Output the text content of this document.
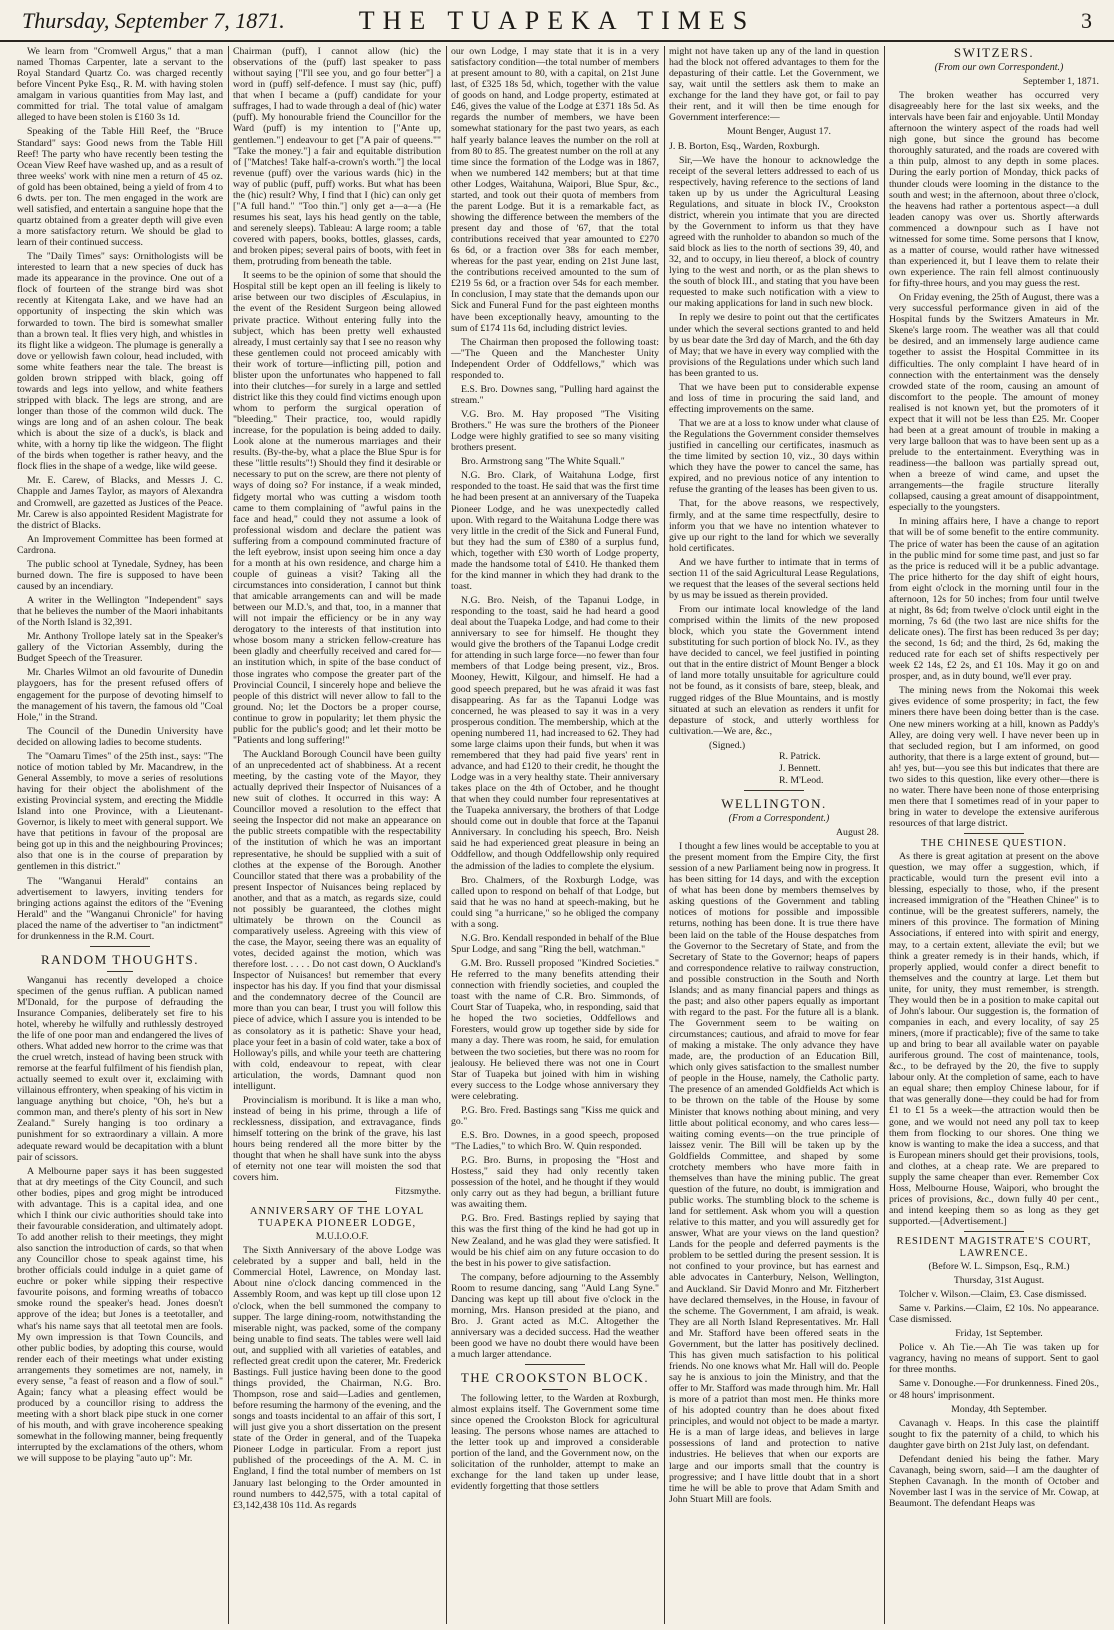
Thursday, September 7, 1871.	THE TUAPEKA TIMES	3

We learn from "Cromwell Argus," that a man named Thomas Carpenter, late a servant to the Royal Standard Quartz Co. was charged recently before Vincent Pyke Esq., R. M. with having stolen amalgam in various quantities from May last, and committed for trial. The total value of amalgam alleged to have been stolen is £160 3s 1d.

Speaking of the Table Hill Reef, the "Bruce Standard" says: Good news from the Table Hill Reef! The party who have recently been testing the Ocean View Reef have washed up, and as a result of three weeks' work with nine men a return of 45 oz. of gold has been obtained, being a yield of from 4 to 6 dwts. per ton. The men engaged in the work are well satisfied, and entertain a sanguine hope that the quartz obtained from a greater depth will give even a more satisfactory return. We should be glad to learn of their continued success.

The "Daily Times" says: Ornithologists will be interested to learn that a new species of duck has made its appearance in the province. One out of a flock of fourteen of the strange bird was shot recently at Kitengata Lake, and we have had an opportunity of inspecting the skin which was forwarded to town. The bird is somewhat smaller than a brown teal. It flies very high, and whistles in its flight like a widgeon. The plumage is generally a dove or yellowish fawn colour, head included, with some white feathers near the tale. The breast is golden brown stripped with black, going off towards and legs into yellow, and white feathers stripped with black. The legs are strong, and are longer than those of the common wild duck. The wings are long and of an ashen colour. The beak which is about the size of a duck's, is black and white, with a horny tip like the widgeon. The flight of the birds when together is rather heavy, and the flock flies in the shape of a wedge, like wild geese.

Mr. E. Carew, of Blacks, and Messrs J. C. Chapple and James Taylor, as mayors of Alexandra and Cromwell, are gazetted as Justices of the Peace. Mr. Carew is also appointed Resident Magistrate for the district of Blacks.

An Improvement Committee has been formed at Cardrona.

The public school at Tynedale, Sydney, has been burned down. The fire is supposed to have been caused by an incendiary.

A writer in the Wellington "Independent" says that he believes the number of the Maori inhabitants of the North Island is 32,391.

Mr. Anthony Trollope lately sat in the Speaker's gallery of the Victorian Assembly, during the Budget Speech of the Treasurer.

Mr. Charles Wilmot an old favourite of Dunedin playgoers, has for the present refused offers of engagement for the purpose of devoting himself to the management of his tavern, the famous old "Coal Hole," in the Strand.

The Council of the Dunedin University have decided on allowing ladies to become students.

The "Oamaru Times" of the 25th inst., says: "The notice of motion tabled by Mr. Macandrew, in the General Assembly, to move a series of resolutions having for their object the abolishment of the existing Provincial system, and erecting the Middle Island into one Province, with a Lieutenant-Governor, is likely to meet with general support. We have that petitions in favour of the proposal are being got up in this and the neighbouring Provinces; also that one is in the course of preparation by gentlemen in this district."

The "Wanganui Herald" contains an advertisement to lawyers, inviting tenders for bringing actions against the editors of the "Evening Herald" and the "Wanganui Chronicle" for having placed the name of the advertiser to "an indictment" for drunkenness in the R.M. Court.

RANDOM THOUGHTS.

Wanganui has recently developed a choice specimen of the genus ruffian. A publican named M'Donald, for the purpose of defrauding the Insurance Companies, deliberately set fire to his hotel, whereby he wilfully and ruthlessly destroyed the life of one poor man and endangered the lives of others. What added new horror to the crime was that the cruel wretch, instead of having been struck with remorse at the fearful fulfilment of his fiendish plan, actually seemed to exult over it, exclaiming with villainous effrontery, when speaking of his victim in language anything but choice, "Oh, he's but a common man, and there's plenty of his sort in New Zealand." Surely hanging is too ordinary a punishment for so extraordinary a villain. A more adequate reward would be decapitation with a blunt pair of scissors.

A Melbourne paper says it has been suggested that at dry meetings of the City Council, and such other bodies, pipes and grog might be introduced with advantage. This is a capital idea, and one which I think our civic authorities should take into their favourable consideration, and ultimately adopt. To add another relish to their meetings, they might also sanction the introduction of cards, so that when any Councillor chose to speak against time, his brother officials could indulge in a quiet game of euchre or poker while sipping their respective favourite poisons, and forming wreaths of tobacco smoke round the speaker's head. Jones doesn't approve of the idea; but Jones is a teetotaller, and what's his name says that all teetotal men are fools. My own impression is that Town Councils, and other public bodies, by adopting this course, would render each of their meetings what under existing arrangements they sometimes are not, namely, in every sense, "a feast of reason and a flow of soul." Again; fancy what a pleasing effect would be produced by a councillor rising to address the meeting with a short black pipe stuck in one corner of his mouth, and with grave incoherence speaking somewhat in the following manner, being frequently interrupted by the exclamations of the others, whom we will suppose to be playing "auto up": Mr.

Chairman (puff), I cannot allow (hic) the observations of the (puff) last speaker to pass without saying ["I'll see you, and go four better"] a word in (puff) self-defence. I must say (hic, puff) that when I became a (puff) candidate for your suffrages, I had to wade through a deal of (hic) water (puff). My honourable friend the Councillor for the Ward (puff) is my intention to ["Ante up, gentlemen."] endeavour to get ["A pair of queens."" "Take the money."] a fair and equitable distribution of ["Matches! Take half-a-crown's worth."] the local revenue (puff) over the various wards (hic) in the way of public (puff, puff) works. But what has been the (hic) result? Why, I find that I (hic) can only get ["A full hand." "Too thin."] only get a—a—a (He resumes his seat, lays his head gently on the table, and serenely sleeps). Tableau: A large room; a table covered with papers, books, bottles, glasses, cards, and broken pipes; several pairs of boots, with feet in them, protruding from beneath the table.

It seems to be the opinion of some that should the Hospital still be kept open an ill feeling is likely to arise between our two disciples of Æsculapius, in the event of the Resident Surgeon being allowed private practice. Without entering fully into the subject, which has been pretty well exhausted already, I must certainly say that I see no reason why these gentlemen could not proceed amicably with their work of torture—inflicting pill, potion and blister upon the unfortunates who happened to fall into their clutches—for surely in a large and settled district like this they could find victims enough upon whom to perform the surgical operation of "bleeding." Their practice, too, would rapidly increase, for the population is being added to daily. Look alone at the numerous marriages and their results. (By-the-by, what a place the Blue Spur is for these "little results"!) Should they find it desirable or necessary to put on the screw, are there not plenty of ways of doing so? For instance, if a weak minded, fidgety mortal who was cutting a wisdom tooth came to them complaining of "awful pains in the face and head," could they not assume a look of professional wisdom and declare the patient was suffering from a compound comminuted fracture of the left eyebrow, insist upon seeing him once a day for a month at his own residence, and charge him a couple of guineas a visit? Taking all the circumstances into consideration, I cannot but think that amicable arrangements can and will be made between our M.D.'s, and that, too, in a manner that will not impair the efficiency or be in any way derogatory to the interests of that institution into whose bosom many a stricken fellow-creature has been gladly and cheerfully received and cared for—an institution which, in spite of the base conduct of those ingrates who compose the greater part of the Provincial Council, I sincerely hope and believe the people of this district will never allow to fall to the ground. No; let the Doctors be a proper course, continue to grow in popularity; let them physic the public for the public's good; and let their motto be "Patients and long suffering!"

The Auckland Borough Council have been guilty of an unprecedented act of shabbiness. At a recent meeting, by the casting vote of the Mayor, they actually deprived their Inspector of Nuisances of a new suit of clothes. It occurred in this way: A Councillor moved a resolution to the effect that seeing the Inspector did not make an appearance on the public streets compatible with the respectability of the institution of which he was an important representative, he should be supplied with a suit of clothes at the expense of the Borough. Another Councillor stated that there was a probability of the present Inspector of Nuisances being replaced by another, and that as a match, as regards size, could not possibly be guaranteed, the clothes might ultimately be thrown on the Council as comparatively useless. Agreeing with this view of the case, the Mayor, seeing there was an equality of votes, decided against the motion, which was therefore lost. . . . . Do not cast down, O Auckland's Inspector of Nuisances! but remember that every inspector has his day. If you find that your dismissal and the condemnatory decree of the Council are more than you can bear, I trust you will follow this piece of advice, which I assure you is intended to be as consolatory as it is pathetic: Shave your head, place your feet in a basin of cold water, take a box of Holloway's pills, and while your teeth are chattering with cold, endeavour to repeat, with clear articulation, the words, Damnant quod non intelligunt.

Provincialism is moribund. It is like a man who, instead of being in his prime, through a life of recklessness, dissipation, and extravagance, finds himself tottering on the brink of the grave, his last hours being rendered all the more bitter by the thought that when he shall have sunk into the abyss of eternity not one tear will moisten the sod that covers him.

Fitzsmythe.

ANNIVERSARY OF THE LOYAL TUAPEKA PIONEER LODGE,

M.U.I.O.O.F.

The Sixth Anniversary of the above Lodge was celebrated by a supper and ball, held in the Commercial Hotel, Lawrence, on Monday last. About nine o'clock dancing commenced in the Assembly Room, and was kept up till close upon 12 o'clock, when the bell summoned the company to supper. The large dining-room, notwithstanding the miserable night, was packed, some of the company being unable to find seats. The tables were well laid out, and supplied with all varieties of eatables, and reflected great credit upon the caterer, Mr. Frederick Bastings. Full justice having been done to the good things provided, the Chairman, N.G. Bro. Thompson, rose and said—Ladies and gentlemen, before resuming the harmony of the evening, and the songs and toasts incidental to an affair of this sort, I will just give you a short dissertation on the present state of the Order in general, and of the Tuapeka Pioneer Lodge in particular. From a report just published of the proceedings of the A. M. C. in England, I find the total number of members on 1st January last belonging to the Order amounted in round numbers to 442,575, with a total capital of £3,142,438 10s 11d. As regards

our own Lodge, I may state that it is in a very satisfactory condition—the total number of members at present amount to 80, with a capital, on 21st June last, of £325 18s 5d, which, together with the value of goods on hand, and Lodge property, estimated at £46, gives the value of the Lodge at £371 18s 5d. As regards the number of members, we have been somewhat stationary for the past two years, as each half yearly balance leaves the number on the roll at from 80 to 85. The greatest number on the roll at any time since the formation of the Lodge was in 1867, when we numbered 142 members; but at that time other Lodges, Waitahuna, Waipori, Blue Spur, &c., started, and took out their quota of members from the parent Lodge. But it is a remarkable fact, as showing the difference between the members of the present day and those of '67, that the total contributions received that year amounted to £270 6s 6d, or a fraction over 38s for each member, whereas for the past year, ending on 21st June last, the contributions received amounted to the sum of £219 5s 6d, or a fraction over 54s for each member. In conclusion, I may state that the demands upon our Sick and Funeral Fund for the past eighteen months have been exceptionally heavy, amounting to the sum of £174 11s 6d, including district levies.

The Chairman then proposed the following toast:—"The Queen and the Manchester Unity Independent Order of Oddfellows," which was responded to.

E.S. Bro. Downes sang, "Pulling hard against the stream."

V.G. Bro. M. Hay proposed "The Visiting Brothers." He was sure the brothers of the Pioneer Lodge were highly gratified to see so many visiting brothers present.

Bro. Armstrong sang "The White Squall."

N.G. Bro. Clark, of Waitahuna Lodge, first responded to the toast. He said that was the first time he had been present at an anniversary of the Tuapeka Pioneer Lodge, and he was unexpectedly called upon. With regard to the Waitahuna Lodge there was very little in the credit of the Sick and Funeral Fund, but they had the sum of £380 of a surplus fund, which, together with £30 worth of Lodge property, made the handsome total of £410. He thanked them for the kind manner in which they had drank to the toast.

N.G. Bro. Neish, of the Tapanui Lodge, in responding to the toast, said he had heard a good deal about the Tuapeka Lodge, and had come to their anniversary to see for himself. He thought they would give the brothers of the Tapanui Lodge credit for attending in such large force—no fewer than four members of that Lodge being present, viz., Bros. Mooney, Hewitt, Kilgour, and himself. He had a good speech prepared, but he was afraid it was fast disappearing. As far as the Tapanui Lodge was concerned, he was pleased to say it was in a very prosperous condition. The membership, which at the opening numbered 11, had increased to 62. They had some large claims upon their funds, but when it was remembered that they had paid five years' rent in advance, and had £120 to their credit, he thought the Lodge was in a very healthy state. Their anniversary takes place on the 4th of October, and he thought that when they could number four representatives at the Tuapeka anniversary, the brothers of that Lodge should come out in double that force at the Tapanui Anniversary. In concluding his speech, Bro. Neish said he had experienced great pleasure in being an Oddfellow, and though Oddfellowship only required the admission of the ladies to complete the elysium.

Bro. Chalmers, of the Roxburgh Lodge, was called upon to respond on behalf of that Lodge, but said that he was no hand at speech-making, but he could sing "a hurricane," so he obliged the company with a song.

N.G. Bro. Kendall responded in behalf of the Blue Spur Lodge, and sang "Ring the bell, watchman."

G.M. Bro. Russell proposed "Kindred Societies." He referred to the many benefits attending their connection with friendly societies, and coupled the toast with the name of C.R. Bro. Simmonds, of Court Star of Tuapeka, who, in responding, said that he hoped the two societies, Oddfellows and Foresters, would grow up together side by side for many a day. There was room, he said, for emulation between the two societies, but there was no room for jealousy. He believed there was not one in Court Star of Tuapeka but joined with him in wishing every success to the Lodge whose anniversary they were celebrating.

P.G. Bro. Fred. Bastings sang "Kiss me quick and go."

E.S. Bro. Downes, in a good speech, proposed "The Ladies," to which Bro. W. Quin responded.

P.G. Bro. Burns, in proposing the "Host and Hostess," said they had only recently taken possession of the hotel, and he thought if they would only carry out as they had begun, a brilliant future was awaiting them.

P.G. Bro. Fred. Bastings replied by saying that this was the first thing of the kind he had got up in New Zealand, and he was glad they were satisfied. It would be his chief aim on any future occasion to do the best in his power to give satisfaction.

The company, before adjourning to the Assembly Room to resume dancing, sang "Auld Lang Syne." Dancing was kept up till about five o'clock in the morning, Mrs. Hanson presided at the piano, and Bro. J. Grant acted as M.C. Altogether the anniversary was a decided success. Had the weather been good we have no doubt there would have been a much larger attendance.

THE CROOKSTON BLOCK.

The following letter, to the Warden at Roxburgh, almost explains itself. The Government some time since opened the Crookston Block for agricultural leasing. The persons whose names are attached to the letter took up and improved a considerable portion of the land, and the Government now, on the solicitation of the runholder, attempt to make an exchange for the land taken up under lease, evidently forgetting that those settlers

might not have taken up any of the land in question had the block not offered advantages to them for the depasturing of their cattle. Let the Government, we say, wait until the settlers ask them to make an exchange for the land they have got, or fail to pay their rent, and it will then be time enough for Government interference:—

Mount Benger, August 17.

J. B. Borton, Esq., Warden, Roxburgh.

Sir,—We have the honour to acknowledge the receipt of the several letters addressed to each of us respectively, having reference to the sections of land taken up by us under the Agricultural Leasing Regulations, and situate in block IV., Crookston district, wherein you intimate that you are directed by the Government to inform us that they have agreed with the runholder to abandon so much of the said block as lies to the north of sections 39, 40, and 32, and to occupy, in lieu thereof, a block of country lying to the west and north, or as the plan shews to the south of block III., and stating that you have been requested to make such notification with a view to our making applications for land in such new block.

In reply we desire to point out that the certificates under which the several sections granted to and held by us bear date the 3rd day of March, and the 6th day of May; that we have in every way complied with the provisions of the Regulations under which such land has been granted to us.

That we have been put to considerable expense and loss of time in procuring the said land, and effecting improvements on the same.

That we are at a loss to know under what clause of the Regulations the Government consider themselves justified in cancelling our certificates, inasmuch as the time limited by section 10, viz., 30 days within which they have the power to cancel the same, has expired, and no previous notice of any intention to refuse the granting of the leases has been given to us.

That, for the above reasons, we respectively, firmly, and at the same time respectfully, desire to inform you that we have no intention whatever to give up our right to the land for which we severally hold certificates.

And we have further to intimate that in terms of section 11 of the said Agricultural Lease Regulations, we request that the leases of the several sections held by us may be issued as therein provided.

From our intimate local knowledge of the land comprised within the limits of the new proposed block, which you state the Government intend substituting for such portion of block No. IV., as they have decided to cancel, we feel justified in pointing out that in the entire district of Mount Benger a block of land more totally unsuitable for agriculture could not be found, as it consists of bare, steep, bleak, and rugged ridges of the Blue Mountains, and is mostly situated at such an elevation as renders it unfit for depasture of stock, and utterly worthless for cultivation.—We are, &c.,

(Signed.)

R. Patrick.

J. Bennett.

R. M'Leod.

WELLINGTON.

(From a Correspondent.)

August 28.

I thought a few lines would be acceptable to you at the present moment from the Empire City, the first session of a new Parliament being now in progress. It has been sitting for 14 days, and with the exception of what has been done by members themselves by asking questions of the Government and tabling notices of motions for possible and impossible returns, nothing has been done. It is true there have been laid on the table of the House despatches from the Governor to the Secretary of State, and from the Secretary of State to the Governor; heaps of papers and correspondence relative to railway construction, and possible construction in the South and North Islands; and as many financial papers and things as the past; and also other papers equally as important with regard to the past. For the future all is a blank. The Government seem to be waiting on circumstances; cautious, and afraid to move for fear of making a mistake. The only advance they have made, are, the production of an Education Bill, which only gives satisfaction to the smallest number of people in the House, namely, the Catholic party. The presence of an amended Goldfields Act which is to be thrown on the table of the House by some Minister that knows nothing about mining, and very little about political economy, and who cares less—waiting coming events—on the true principle of laissez venir. The Bill will be taken up by the Goldfields Committee, and shaped by some crotchety members who have more faith in themselves than have the mining public. The great question of the future, no doubt, is immigration and public works. The stumbling block to the scheme is land for settlement. Ask whom you will a question relative to this matter, and you will assuredly get for answer, What are your views on the land question? Lands for the people and deferred payments is the problem to be settled during the present session. It is not confined to your province, but has earnest and able advocates in Canterbury, Nelson, Wellington, and Auckland. Sir David Monro and Mr. Fitzherbert have declared themselves, in the House, in favour of the scheme. The Government, I am afraid, is weak. They are all North Island Representatives. Mr. Hall and Mr. Stafford have been offered seats in the Government, but the latter has positively declined. This has given much satisfaction to his political friends. No one knows what Mr. Hall will do. People say he is anxious to join the Ministry, and that the offer to Mr. Stafford was made through him. Mr. Hall is more of a patriot than most men. He thinks more of his adopted country than he does about fixed principles, and would not object to be made a martyr. He is a man of large ideas, and believes in large possessions of land and protection to native industries. He believes that when our exports are large and our imports small that the country is progressive; and I have little doubt that in a short time he will be able to prove that Adam Smith and John Stuart Mill are fools.

SWITZERS.

(From our own Correspondent.)

September 1, 1871.

The broken weather has occurred very disagreeably here for the last six weeks, and the intervals have been fair and enjoyable. Until Monday afternoon the wintery aspect of the roads had well nigh gone, but since the ground has become thoroughly saturated, and the roads are covered with a thin pulp, almost to any depth in some places. During the early portion of Monday, thick packs of thunder clouds were looming in the distance to the south and west; in the afternoon, about three o'clock, the heavens had rather a portentous aspect—a dull leaden canopy was over us. Shortly afterwards commenced a downpour such as I have not witnessed for some time. Some persons that I know, as a matter of course, would rather have witnessed than experienced it, but I leave them to relate their own experience. The rain fell almost continuously for fifty-three hours, and you may guess the rest.

On Friday evening, the 25th of August, there was a very successful performance given in aid of the Hospital funds by the Switzers Amateurs in Mr. Skene's large room. The weather was all that could be desired, and an immensely large audience came together to assist the Hospital Committee in its difficulties. The only complaint I have heard of in connection with the entertainment was the densely crowded state of the room, causing an amount of discomfort to the people. The amount of money realised is not known yet, but the promoters of it expect that it will not be less than £25. Mr. Cooper had been at a great amount of trouble in making a very large balloon that was to have been sent up as a prelude to the entertainment. Everything was in readiness—the balloon was partially spread out, when a breeze of wind came, and upset the arrangements—the fragile structure literally collapsed, causing a great amount of disappointment, especially to the youngsters.

In mining affairs here, I have a change to report that will be of some benefit to the entire community. The price of water has been the cause of an agitation in the public mind for some time past, and just so far as the price is reduced will it be a public advantage. The price hitherto for the day shift of eight hours, from eight o'clock in the morning until four in the afternoon, 12s for 50 inches; from four until twelve at night, 8s 6d; from twelve o'clock until eight in the morning, 7s 6d (the two last are nice shifts for the delicate ones). The first has been reduced 3s per day; the second, 1s 6d; and the third, 2s 6d, making the reduced rate for each set of shifts respectively per week £2 14s, £2 2s, and £1 10s. May it go on and prosper, and, as in duty bound, we'll ever pray.

The mining news from the Nokomai this week gives evidence of some prosperity; in fact, the few miners there have been doing better than is the case. One new miners working at a hill, known as Paddy's Alley, are doing very well. I have never been up in that secluded region, but I am informed, on good authority, that there is a large extent of ground, but—ah! yes, but—you see this but indicates that there are two sides to this question, like every other—there is no water. There have been none of those enterprising men there that I sometimes read of in your paper to bring in water to develope the extensive auriferous resources of that large district.

THE CHINESE QUESTION.

As there is great agitation at present on the above question, we may offer a suggestion, which, if practicable, would turn the present evil into a blessing, especially to those, who, if the present increased immigration of the "Heathen Chinee" is to continue, will be the greatest sufferers, namely, the miners of this province. The formation of Mining Associations, if entered into with spirit and energy, may, to a certain extent, alleviate the evil; but we think a greater remedy is in their hands, which, if properly applied, would confer a direct benefit to themselves and the country at large. Let them but unite, for unity, they must remember, is strength. They would then be in a position to make capital out of John's labour. Our suggestion is, the formation of companies in each, and every locality, of say 25 miners, (more if practicable); five of the same to take up and bring to bear all available water on payable auriferous ground. The cost of maintenance, tools, &c., to be defrayed by the 20, the five to supply labour only. At the completion of same, each to have an equal share; then employ Chinese labour, for if that was generally done—they could be had for from £1 to £1 5s a week—the attraction would then be gone, and we would not need any poll tax to keep them from flocking to our shores. One thing we know is wanting to make the idea a success, and that is European miners should get their provisions, tools, and clothes, at a cheap rate. We are prepared to supply the same cheaper than ever. Remember Cox Hoss, Melbourne House, Waipori, who brought the prices of provisions, &c., down fully 40 per cent., and intend keeping them so as long as they get supported.—[Advertisement.]

RESIDENT MAGISTRATE'S COURT, LAWRENCE.

(Before W. L. Simpson, Esq., R.M.)

Thursday, 31st August.

Tolcher v. Wilson.—Claim, £3. Case dismissed.

Same v. Parkins.—Claim, £2 10s. No appearance. Case dismissed.

Friday, 1st September.

Police v. Ah Tie.—Ah Tie was taken up for vagrancy, having no means of support. Sent to gaol for three months.

Same v. Donoughe.—For drunkenness. Fined 20s., or 48 hours' imprisonment.

Monday, 4th September.

Cavanagh v. Heaps. In this case the plaintiff sought to fix the paternity of a child, to which his daughter gave birth on 21st July last, on defendant.

Defendant denied his being the father. Mary Cavanagh, being sworn, said—I am the daughter of Stephen Cavanagh. In the month of October and November last I was in the service of Mr. Cowap, at Beaumont. The defendant Heaps was
